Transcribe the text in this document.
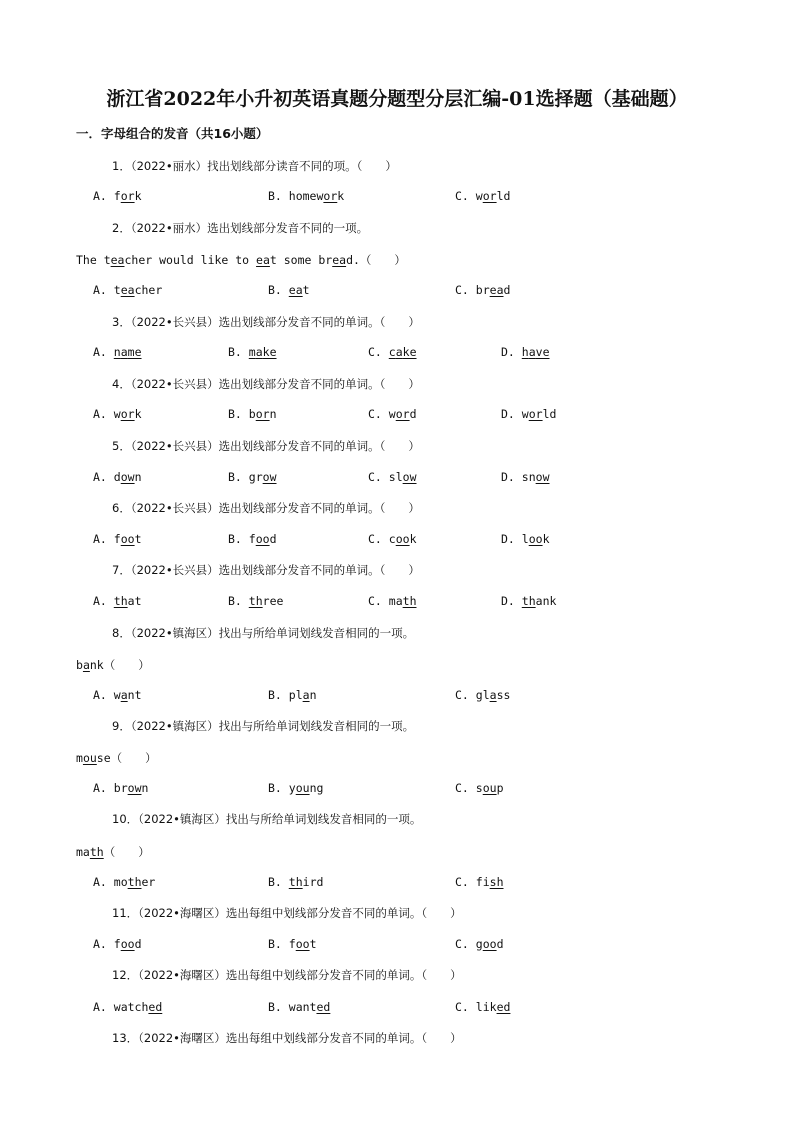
浙江省2022年小升初英语真题分题型分层汇编-01选择题（基础题）
一．字母组合的发音（共16小题）
1．（2022•丽水）找出划线部分读音不同的项。（　　）
A. fork	B. homework	C. world
2．（2022•丽水）选出划线部分发音不同的一项。
The teacher would like to eat some bread.（　　）
A. teacher	B. eat	C. bread
3．（2022•长兴县）选出划线部分发音不同的单词。（　　）
A. name	B. make	C. cake	D. have
4．（2022•长兴县）选出划线部分发音不同的单词。（　　）
A. work	B. born	C. word	D. world
5．（2022•长兴县）选出划线部分发音不同的单词。（　　）
A. down	B. grow	C. slow	D. snow
6．（2022•长兴县）选出划线部分发音不同的单词。（　　）
A. foot	B. food	C. cook	D. look
7．（2022•长兴县）选出划线部分发音不同的单词。（　　）
A. that	B. three	C. math	D. thank
8．（2022•镇海区）找出与所给单词划线发音相同的一项。
bank（　　）
A. want	B. plan	C. glass
9．（2022•镇海区）找出与所给单词划线发音相同的一项。
mouse（　　）
A. brown	B. young	C. soup
10．（2022•镇海区）找出与所给单词划线发音相同的一项。
math（　　）
A. mother	B. third	C. fish
11．（2022•海曙区）选出每组中划线部分发音不同的单词。（　　）
A. food	B. foot	C. good
12．（2022•海曙区）选出每组中划线部分发音不同的单词。（　　）
A. watched	B. wanted	C. liked
13．（2022•海曙区）选出每组中划线部分发音不同的单词。（　　）
